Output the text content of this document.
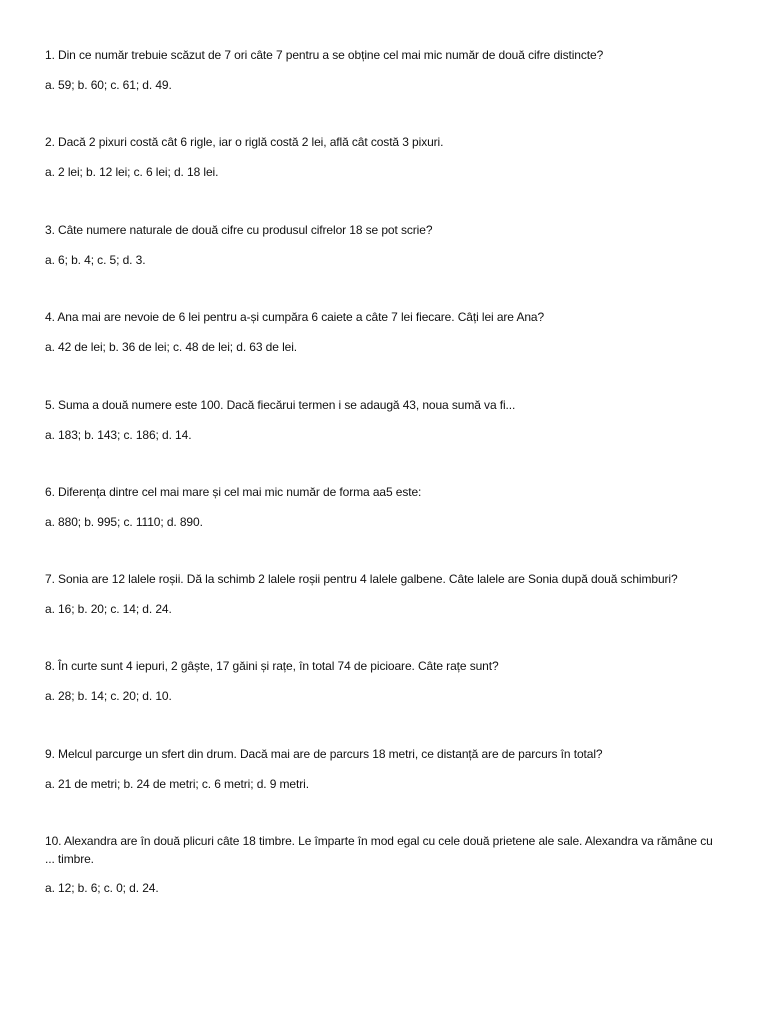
1. Din ce număr trebuie scăzut de 7 ori câte 7 pentru a se obține cel mai mic număr de două cifre distincte?

a. 59; b. 60; c. 61; d. 49.

2. Dacă 2 pixuri costă cât 6 rigle, iar o riglă costă 2 lei, află cât costă 3 pixuri.

a. 2 lei; b. 12 lei; c. 6 lei; d. 18 lei.

3. Câte numere naturale de două cifre cu produsul cifrelor 18 se pot scrie?

a. 6; b. 4; c. 5; d. 3.

4. Ana mai are nevoie de 6 lei pentru a-și cumpăra 6 caiete a câte 7 lei fiecare. Câți lei are Ana?

a. 42 de lei; b. 36 de lei; c. 48 de lei; d. 63 de lei.

5. Suma a două numere este 100. Dacă fiecărui termen i se adaugă 43, noua sumă va fi...

a. 183; b. 143; c. 186; d. 14.

6. Diferența dintre cel mai mare și cel mai mic număr de forma aa5 este:

a. 880; b. 995; c. 1110; d. 890.

7. Sonia are 12 lalele roșii. Dă la schimb 2 lalele roșii pentru 4 lalele galbene. Câte lalele are Sonia după două schimburi?

a. 16; b. 20; c. 14; d. 24.

8. În curte sunt 4 iepuri, 2 gâște, 17 găini și rațe, în total 74 de picioare. Câte rațe sunt?

a. 28; b. 14; c. 20; d. 10.

9. Melcul parcurge un sfert din drum. Dacă mai are de parcurs 18 metri, ce distanță are de parcurs în total?

a. 21 de metri; b. 24 de metri; c. 6 metri; d. 9 metri.

10. Alexandra are în două plicuri câte 18 timbre. Le împarte în mod egal cu cele două prietene ale sale. Alexandra va rămâne cu ... timbre.

a. 12; b. 6; c. 0; d. 24.
